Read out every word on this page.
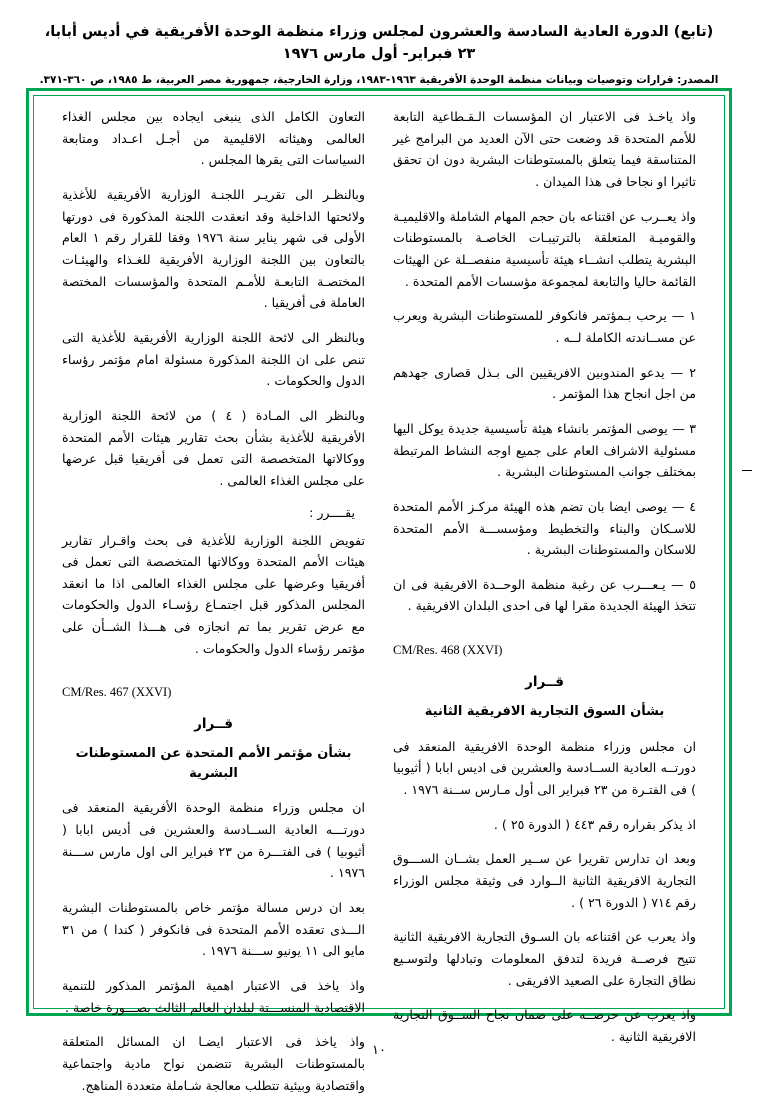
(تابع) الدورة العادية السادسة والعشرون لمجلس وزراء منظمة الوحدة الأفريقية في أديس أبابا، ٢٣ فبراير- أول مارس ١٩٧٦
المصدر: قرارات وتوصيات وبيانات منظمة الوحدة الأفريقية ١٩٦٣-١٩٨٣، وزارة الخارجية، جمهورية مصر العربية، ط ١٩٨٥، ص ٣٦٠-٣٧١.

واذ ياخـذ فى الاعتبار ان المؤسسات الـقـطاعية التابعة للأمم المتحدة قد وضعت حتى الآن العديد من البرامج غير المتناسقة فيما يتعلق بالمستوطنات البشرية دون ان تحقق تاثيرا او نجاحا فى هذا الميدان .

واذ يعــرب عن اقتناعه بان حجم المهام الشاملة والاقليميـة والقوميـة المتعلقة بالترتيبـات الخاصـة بالمستوطنات البشرية يتطلب انشــاء هيئة تأسيسية منفصــلة عن الهيئات القائمة حاليا والتابعة لمجموعة مؤسسات الأمم المتحدة .

١ — يرحب بـمؤتمر فانكوفر للمستوطنات البشرية ويعرب عن مســاندته الكاملة لــه .

٢ — يدعو المندوبين الافريقيين الى بـذل قصارى جهدهم من اجل انجاح هذا المؤتمر .

٣ — يوصى المؤتمر بانشاء هيئة تأسيسية جديدة يوكل اليها مسئولية الاشراف العام على جميع اوجه النشاط المرتبطة بمختلف جوانب المستوطنات البشرية .

٤ — يوصى ايضا بان تضم هذه الهيئة مركـز الأمم المتحدة للاسـكان والبناء والتخطيط ومؤسســـة الأمم المتحدة للاسكان والمستوطنات البشرية .

٥ — يـعـــرب عن رغبة منظمة الوحــدة الافريقية فى ان تتخذ الهيئة الجديدة مقرا لها فى احدى البلدان الافريقية .

CM/Res. 468 (XXVI)
قــرار
بشأن السوق التجارية الافريقية الثانية

ان مجلس وزراء منظمة الوحدة الافريقية المنعقد فى دورتــه العادية الســادسة والعشرين فى اديس ابابا ( أثيوبيا ) فى الفتـرة من ٢٣ فبراير الى أول مـارس ســنة ١٩٧٦ .

اذ يذكر بقراره رقم ٤٤٣ ( الدورة ٢٥ ) .

وبعد ان تدارس تقريرا عن ســير العمل بشــان الســـوق التجارية الافريقية الثانية الــوارد فى وثيقة مجلس الوزراء رقم ٧١٤ ( الدورة ٢٦ ) .

واذ يعرب عن اقتناعه بان السـوق التجارية الافريقية الثانية تتيح فرصــة فريدة لتدفق المعلومات وتبادلها ولتوسـيع نطاق التجارة على الصعيد الافريقى .

واذ يعرب عن حرصــه على ضمان نجاح الســوق التجارية الافريقية الثانية .

التعاون الكامل الذى ينبغى ايجاده بين مجلس الغذاء العالمى وهيئاته الاقليمية من أجـل اعـداد ومتابعة السياسات التى يقرها المجلس .

وبالنظـر الى تقريـر اللجنـة الوزارية الأفريقية للأغذية ولائحتها الداخلية وقد انعقدت اللجنة المذكورة فى دورتها الأولى فى شهر يناير سنة ١٩٧٦ وفقا للقرار رقم ١ العام بالتعاون بين اللجنة الوزارية الأفريقية للغـذاء والهيئـات المختصـة التابعـة للأمـم المتحدة والمؤسسات المختصة العاملة فى أفريقيا .

وبالنظر الى لائحة اللجنة الوزارية الأفريقية للأغذية التى تنص على ان اللجنة المذكورة مسئولة امام مؤتمر رؤساء الدول والحكومات .

وبالنظر الى المـادة ( ٤ ) من لائحة اللجنة الوزارية الأفريقية للأغذية بشأن بحث تقارير هيئات الأمم المتحدة ووكالاتها المتخصصة التى تعمل فى أفريقيا قبل عرضها على مجلس الغذاء العالمى .

يقــــرر :

تفويض اللجنة الوزارية للأغذية فى بحث واقـرار تقارير هيئات الأمم المتحدة ووكالاتها المتخصصة التى تعمل فى أفريقيا وعرضها على مجلس الغذاء العالمى اذا ما انعقد المجلس المذكور قبل اجتمـاع رؤسـاء الدول والحكومات مع عرض تقرير بما تم انجازه فى هـــذا الشــأن على مؤتمر رؤساء الدول والحكومات .

CM/Res. 467 (XXVI)
قــرار
بشأن مؤتمر الأمم المتحدة عن المستوطنات البشرية

ان مجلس وزراء منظمة الوحدة الأفريقية المنعقد فى دورتـــه العادية الســادسة والعشرين فى أديس ابابا ( أثيوبيا ) فى الفتـــرة من ٢٣ فبراير الى اول مارس ســـنة ١٩٧٦ .

بعد ان درس مسالة مؤتمر خاص بالمستوطنات البشرية الـــذى تعقده الأمم المتحدة فى فانكوفر ( كندا ) من ٣١ مايو الى ١١ يونيو ســـنة ١٩٧٦ .

واذ ياخذ فى الاعتبار اهمية المؤتمر المذكور للتنمية الاقتصادية المنســـتة لبلدان العالم الثالث بصـــورة خاصة .

واذ ياخذ فى الاعتبار ايضـا ان المسائل المتعلقة بالمستوطنات البشرية تتضمن نواح مادية واجتماعية واقتصادية وبيئية تتطلب معالجة شـاملة متعددة المناهج.

١٠
